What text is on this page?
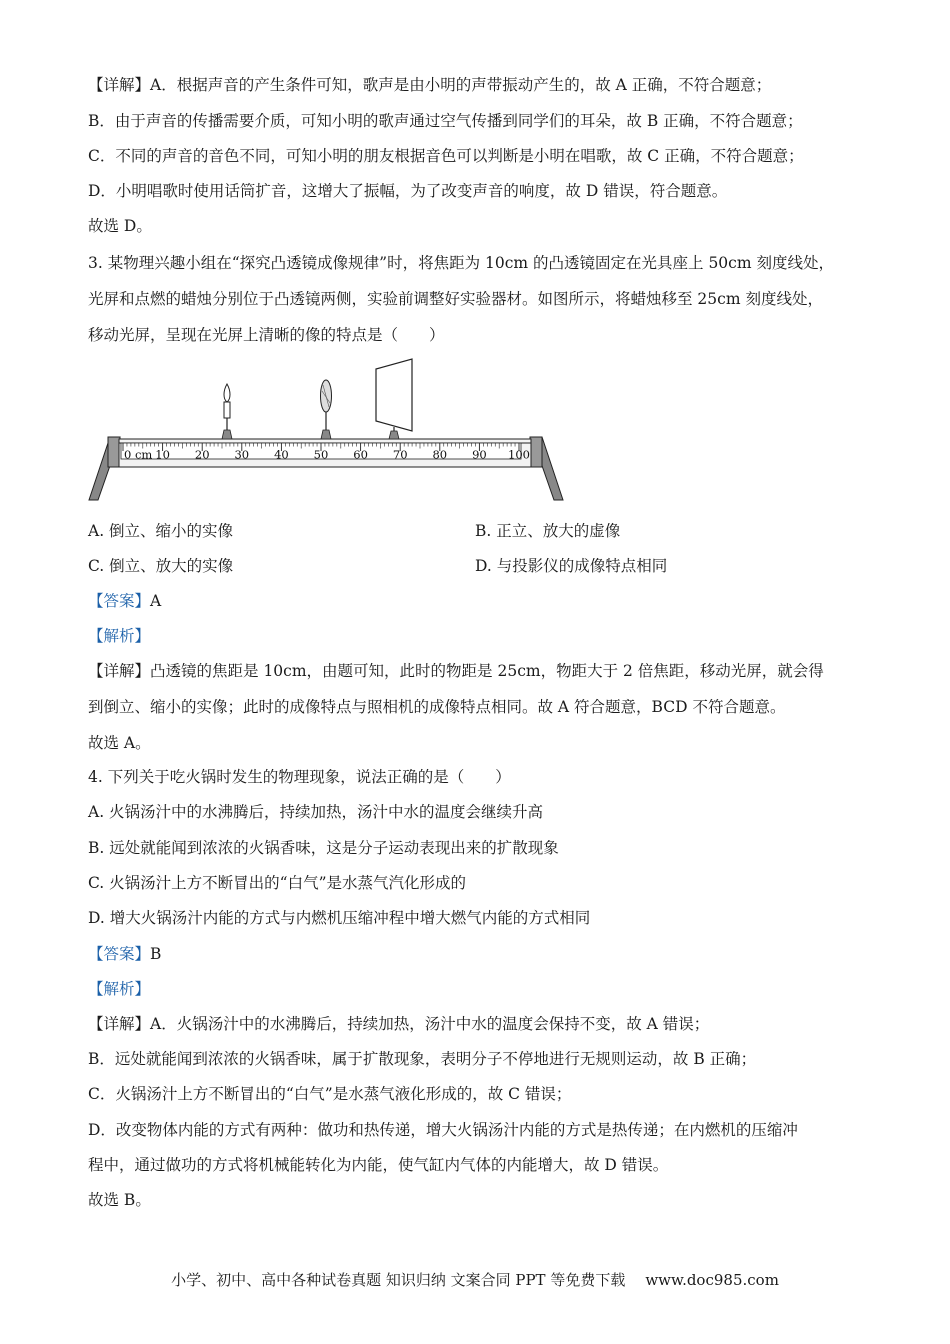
【详解】A．根据声音的产生条件可知，歌声是由小明的声带振动产生的，故 A 正确，不符合题意；
B．由于声音的传播需要介质，可知小明的歌声通过空气传播到同学们的耳朵，故 B 正确，不符合题意；
C．不同的声音的音色不同，可知小明的朋友根据音色可以判断是小明在唱歌，故 C 正确，不符合题意；
D．小明唱歌时使用话筒扩音，这增大了振幅，为了改变声音的响度，故 D 错误，符合题意。
故选 D。
3. 某物理兴趣小组在“探究凸透镜成像规律”时，将焦距为 10cm 的凸透镜固定在光具座上 50cm 刻度线处，
光屏和点燃的蜡烛分别位于凸透镜两侧，实验前调整好实验器材。如图所示，将蜡烛移至 25cm 刻度线处，
移动光屏，呈现在光屏上清晰的像的特点是（　　）
0 cm 10 20 30 40 50 60 70 80 90 100
A. 倒立、缩小的实像	B. 正立、放大的虚像
C. 倒立、放大的实像	D. 与投影仪的成像特点相同
【答案】A
【解析】
【详解】凸透镜的焦距是 10cm，由题可知，此时的物距是 25cm，物距大于 2 倍焦距，移动光屏，就会得
到倒立、缩小的实像；此时的成像特点与照相机的成像特点相同。故 A 符合题意，BCD 不符合题意。
故选 A。
4. 下列关于吃火锅时发生的物理现象，说法正确的是（　　）
A. 火锅汤汁中的水沸腾后，持续加热，汤汁中水的温度会继续升高
B. 远处就能闻到浓浓的火锅香味，这是分子运动表现出来的扩散现象
C. 火锅汤汁上方不断冒出的“白气”是水蒸气汽化形成的
D. 增大火锅汤汁内能的方式与内燃机压缩冲程中增大燃气内能的方式相同
【答案】B
【解析】
【详解】A．火锅汤汁中的水沸腾后，持续加热，汤汁中水的温度会保持不变，故 A 错误；
B．远处就能闻到浓浓的火锅香味，属于扩散现象，表明分子不停地进行无规则运动，故 B 正确；
C．火锅汤汁上方不断冒出的“白气”是水蒸气液化形成的，故 C 错误；
D．改变物体内能的方式有两种：做功和热传递，增大火锅汤汁内能的方式是热传递；在内燃机的压缩冲
程中，通过做功的方式将机械能转化为内能，使气缸内气体的内能增大，故 D 错误。
故选 B。
小学、初中、高中各种试卷真题 知识归纳 文案合同 PPT 等免费下载 www.doc985.com
